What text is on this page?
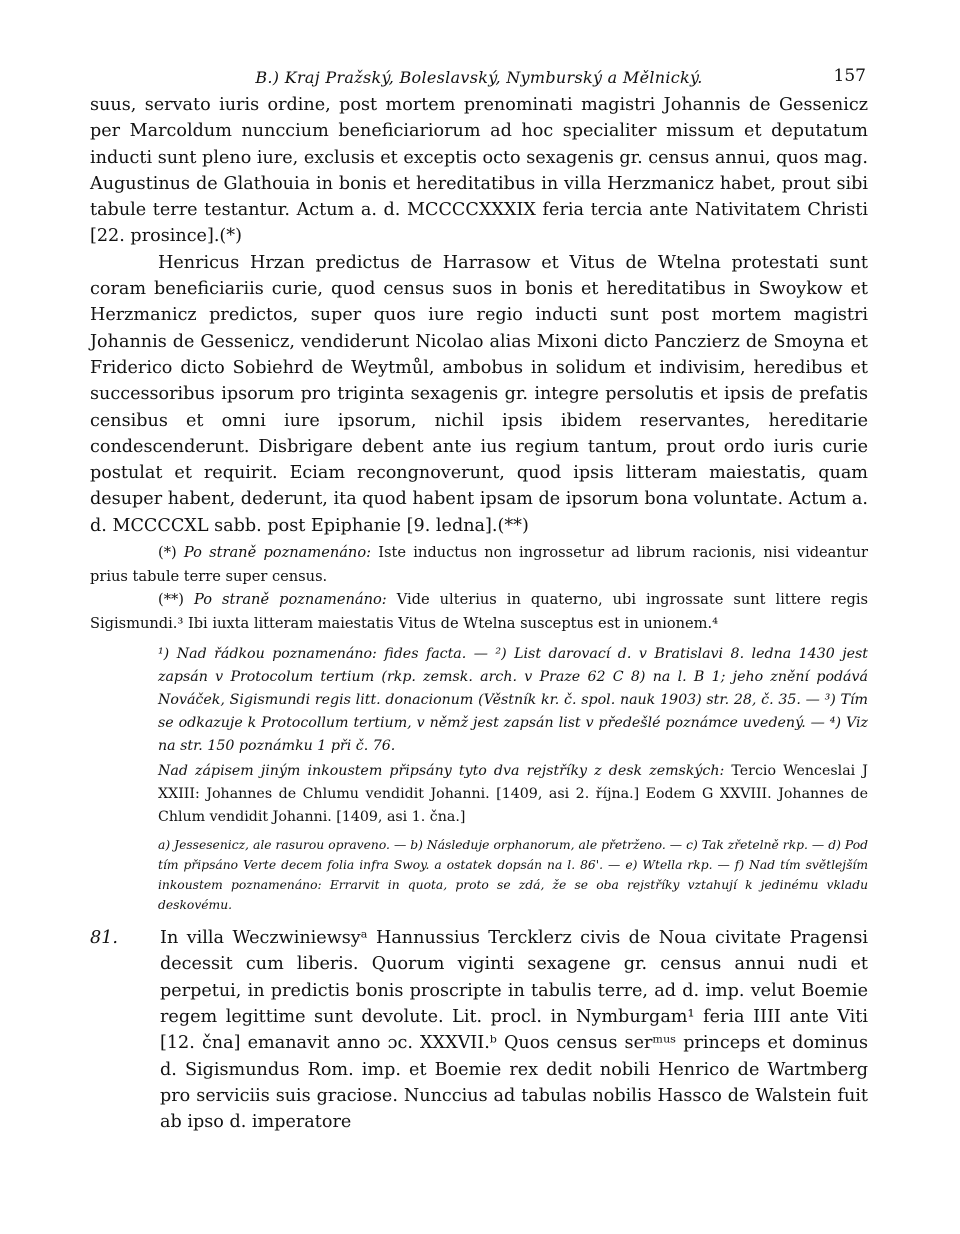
B.) Kraj Pražský, Boleslavský, Nymburský a Mělnický.	157

suus, servato iuris ordine, post mortem prenominati magistri Johannis de Gessenicz per Marcoldum nunccium beneficiariorum ad hoc specialiter missum et deputatum inducti sunt pleno iure, exclusis et exceptis octo sexagenis gr. census annui, quos mag. Augustinus de Glathouia in bonis et hereditatibus in villa Herzmanicz habet, prout sibi tabule terre testantur. Actum a. d. MCCCCXXXIX feria tercia ante Nativitatem Christi [22. prosince].(*)

Henricus Hrzan predictus de Harrasow et Vitus de Wtelna protestati sunt coram beneficiariis curie, quod census suos in bonis et hereditatibus in Swoykow et Herzmanicz predictos, super quos iure regio inducti sunt post mortem magistri Johannis de Gessenicz, vendiderunt Nicolao alias Mixoni dicto Panczierz de Smoyna et Friderico dicto Sobiehrd de Weytmůl, ambobus in solidum et indivisim, heredibus et successoribus ipsorum pro triginta sexagenis gr. integre persolutis et ipsis de prefatis censibus et omni iure ipsorum, nichil ipsis ibidem reservantes, hereditarie condescenderunt. Disbrigare debent ante ius regium tantum, prout ordo iuris curie postulat et requirit. Eciam recongnoverunt, quod ipsis litteram maiestatis, quam desuper habent, dederunt, ita quod habent ipsam de ipsorum bona voluntate. Actum a. d. MCCCCXL sabb. post Epiphanie [9. ledna].(**)

(*) Po straně poznamenáno: Iste inductus non ingrossetur ad librum racionis, nisi videantur prius tabule terre super census.
(**) Po straně poznamenáno: Vide ulterius in quaterno, ubi ingrossate sunt littere regis Sigismundi.³ Ibi iuxta litteram maiestatis Vitus de Wtelna susceptus est in unionem.⁴

¹) Nad řádkou poznamenáno: fides facta. — ²) List darovací d. v Bratislavi 8. ledna 1430 jest zapsán v Protocolum tertium (rkp. zemsk. arch. v Praze 62 C 8) na l. B 1; jeho znění podává Nováček, Sigismundi regis litt. donacionum (Věstník kr. č. spol. nauk 1903) str. 28, č. 35. — ³) Tím se odkazuje k Protocollum tertium, v němž jest zapsán list v předešlé poznámce uvedený. — ⁴) Viz na str. 150 poznámku 1 při č. 76.

Nad zápisem jiným inkoustem připsány tyto dva rejstříky z desk zemských: Tercio Wenceslai J XXIII: Johannes de Chlumu vendidit Johanni. [1409, asi 2. října.] Eodem G XXVIII. Johannes de Chlum vendidit Johanni. [1409, asi 1. čna.]

a) Jessesenicz, ale rasurou opraveno. — b) Následuje orphanorum, ale přetrženo. — c) Tak zřetelně rkp. — d) Pod tím připsáno Verte decem folia infra Swoy. a ostatek dopsán na l. 86'. — e) Wtella rkp. — f) Nad tím světlejším inkoustem poznamenáno: Errarvit in quota, proto se zdá, že se oba rejstříky vztahují k jedinému vkladu deskovému.

81. In villa Weczwiniewsyᵃ Hannussius Tercklerz civis de Noua civitate Pragensi decessit cum liberis. Quorum viginti sexagene gr. census annui nudi et perpetui, in predictis bonis proscripte in tabulis terre, ad d. imp. velut Boemie regem legittime sunt devolute. Lit. procl. in Nymburgam¹ feria IIII ante Viti [12. čna] emanavit anno ɔc. XXXVII.ᵇ Quos census serᵐᵘˢ princeps et dominus d. Sigismundus Rom. imp. et Boemie rex dedit nobili Henrico de Wartmberg pro serviciis suis graciose. Nunccius ad tabulas nobilis Hassco de Walstein fuit ab ipso d. imperatore
